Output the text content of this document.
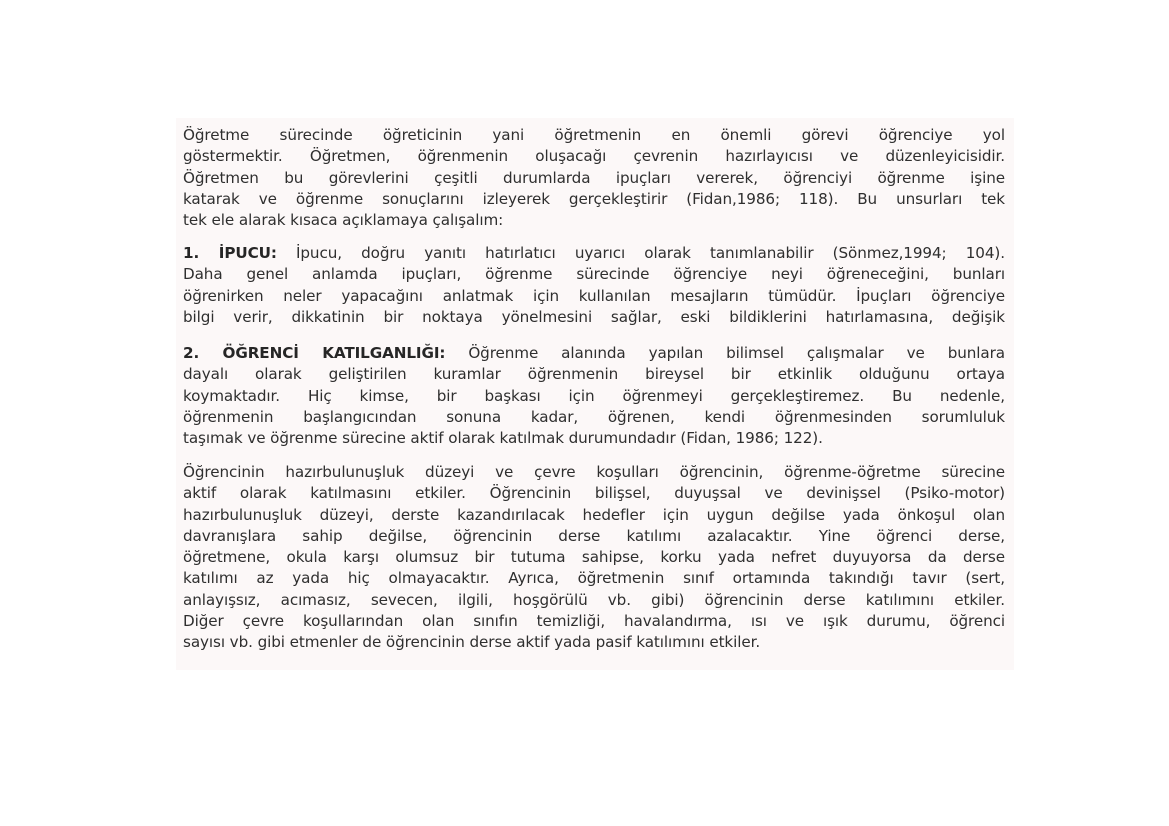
Öğretme sürecinde öğreticinin yani öğretmenin en önemli görevi öğrenciye yol
göstermektir. Öğretmen, öğrenmenin oluşacağı çevrenin hazırlayıcısı ve düzenleyicisidir.
Öğretmen bu görevlerini çeşitli durumlarda ipuçları vererek, öğrenciyi öğrenme işine
katarak ve öğrenme sonuçlarını izleyerek gerçekleştirir (Fidan,1986; 118). Bu unsurları tek
tek ele alarak kısaca açıklamaya çalışalım:
1. İPUCU: İpucu, doğru yanıtı hatırlatıcı uyarıcı olarak tanımlanabilir (Sönmez,1994; 104).
Daha genel anlamda ipuçları, öğrenme sürecinde öğrenciye neyi öğreneceğini, bunları
öğrenirken neler yapacağını anlatmak için kullanılan mesajların tümüdür. İpuçları öğrenciye
bilgi verir, dikkatinin bir noktaya yönelmesini sağlar, eski bildiklerini hatırlamasına, değişik
2. ÖĞRENCİ KATILGANLIĞI: Öğrenme alanında yapılan bilimsel çalışmalar ve bunlara
dayalı olarak geliştirilen kuramlar öğrenmenin bireysel bir etkinlik olduğunu ortaya
koymaktadır. Hiç kimse, bir başkası için öğrenmeyi gerçekleştiremez. Bu nedenle,
öğrenmenin başlangıcından sonuna kadar, öğrenen, kendi öğrenmesinden sorumluluk
taşımak ve öğrenme sürecine aktif olarak katılmak durumundadır (Fidan, 1986; 122).
Öğrencinin hazırbulunuşluk düzeyi ve çevre koşulları öğrencinin, öğrenme-öğretme sürecine
aktif olarak katılmasını etkiler. Öğrencinin bilişsel, duyuşsal ve devinişsel (Psiko-motor)
hazırbulunuşluk düzeyi, derste kazandırılacak hedefler için uygun değilse yada önkoşul olan
davranışlara sahip değilse, öğrencinin derse katılımı azalacaktır. Yine öğrenci derse,
öğretmene, okula karşı olumsuz bir tutuma sahipse, korku yada nefret duyuyorsa da derse
katılımı az yada hiç olmayacaktır. Ayrıca, öğretmenin sınıf ortamında takındığı tavır (sert,
anlayışsız, acımasız, sevecen, ilgili, hoşgörülü vb. gibi) öğrencinin derse katılımını etkiler.
Diğer çevre koşullarından olan sınıfın temizliği, havalandırma, ısı ve ışık durumu, öğrenci
sayısı vb. gibi etmenler de öğrencinin derse aktif yada pasif katılımını etkiler.
